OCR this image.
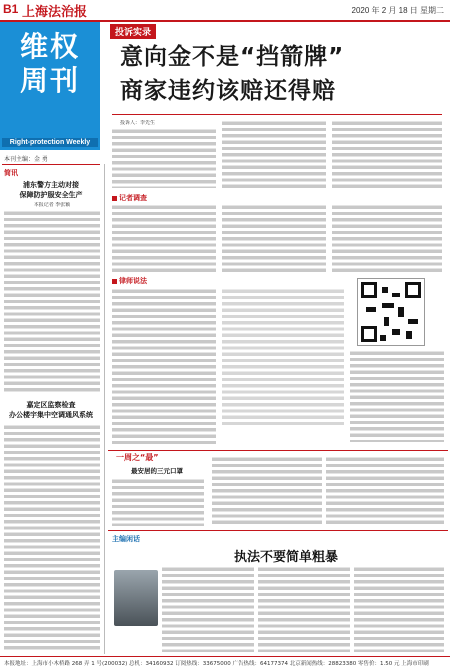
B1 上海法治报	2020 年 2 月 18 日 星期二
维权
周刊
Right-protection Weekly
本刊主编：金 勇
投诉实录
意向金不是“挡箭牌”
商家违约该赔还得赔
投诉人：李先生
记者调查
律师说法
简讯
浦东警方主动对接
保障防护服安全生产
本报记者 季张颖
嘉定区监察检查
办公楼宇集中空调通风系统
一周之“最”
最安居的三元口罩
主编闲话
执法不要简单粗暴
本报地址：上海市小木桥路 268 弄 1 号(200032) 总机：34160932 订阅热线：33675000 广告热线：64177374 北京新闻热线：28823380 零售价：1.50 元 上海市印刷
